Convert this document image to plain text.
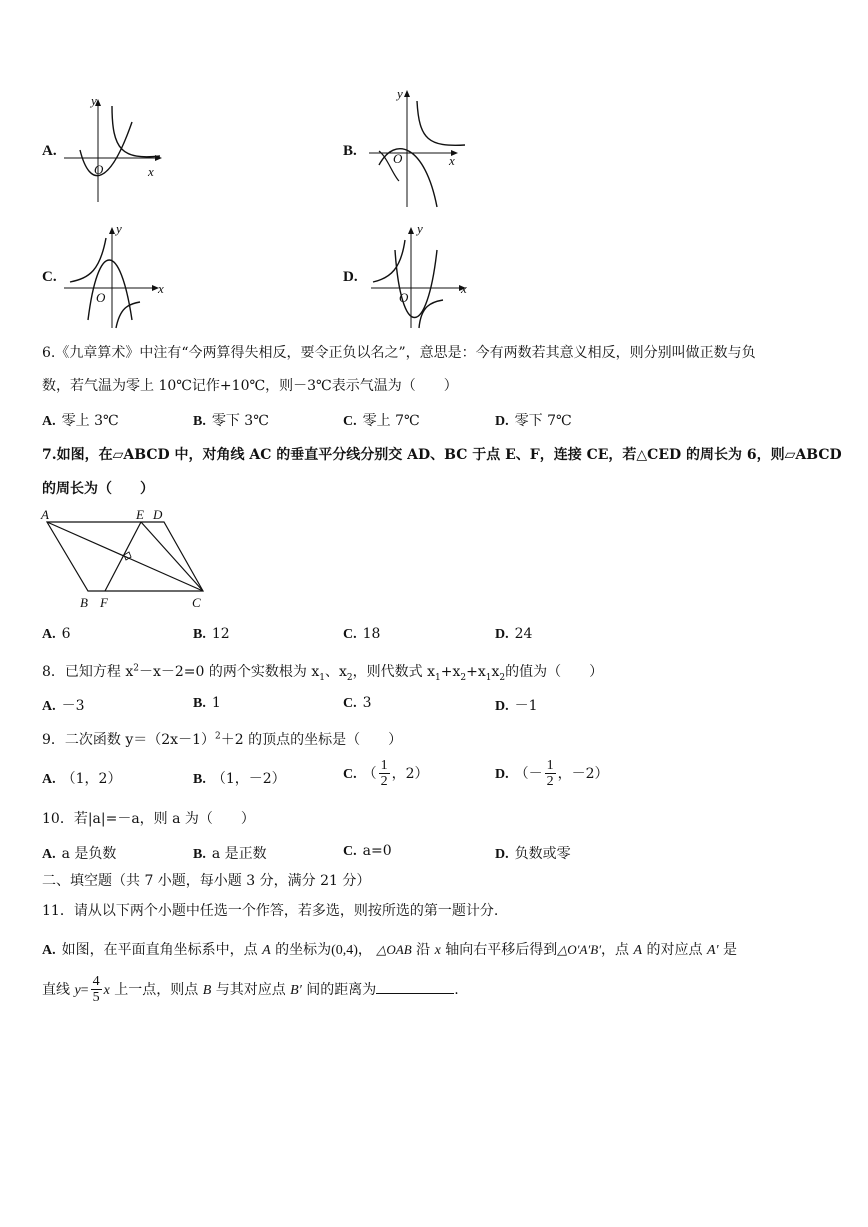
A.
y
x
O
B.
y
x
O
C.
y
x
O
D.
y
x
O
6.《九章算术》中注有“今两算得失相反，要令正负以名之”，意思是：今有两数若其意义相反，则分别叫做正数与负
数，若气温为零上 10℃记作+10℃，则－3℃表示气温为（　　）
A. 零上 3℃	B. 零下 3℃	C. 零上 7℃	D. 零下 7℃
7.如图，在▱ABCD 中，对角线 AC 的垂直平分线分别交 AD、BC 于点 E、F，连接 CE，若△CED 的周长为 6，则▱ABCD
的周长为（　　）
A	E D
B F	C
A. 6	B. 12	C. 18	D. 24
8．已知方程 $x^2-x-2=0$ 的两个实数根为 $x_1$、$x_2$，则代数式 $x_1+x_2+x_1x_2$的值为（　　）
A. －3	B. 1	C. 3	D. －1
9．二次函数 $y=(2x-1)^2+2$ 的顶点的坐标是（　　）
A. （1，2）	B. （1，－2）	C. （ $\frac{1}{2}$ ，2）	D. （－ $\frac{1}{2}$ ，－2）
10．若|a|=－a，则 a 为（　　）
A. a 是负数	B. a 是正数	C. a=0	D. 负数或零
二、填空题（共 7 小题，每小题 3 分，满分 21 分）
11．请从以下两个小题中任选一个作答，若多选，则按所选的第一题计分.
A. 如图，在平面直角坐标系中，点 A 的坐标为(0,4)， △OAB 沿 x 轴向右平移后得到△O′A′B′，点 A 的对应点 A′ 是
直线 $y= \frac{4}{5}$ x 上一点，则点 B 与其对应点 B′ 间的距离为	.
